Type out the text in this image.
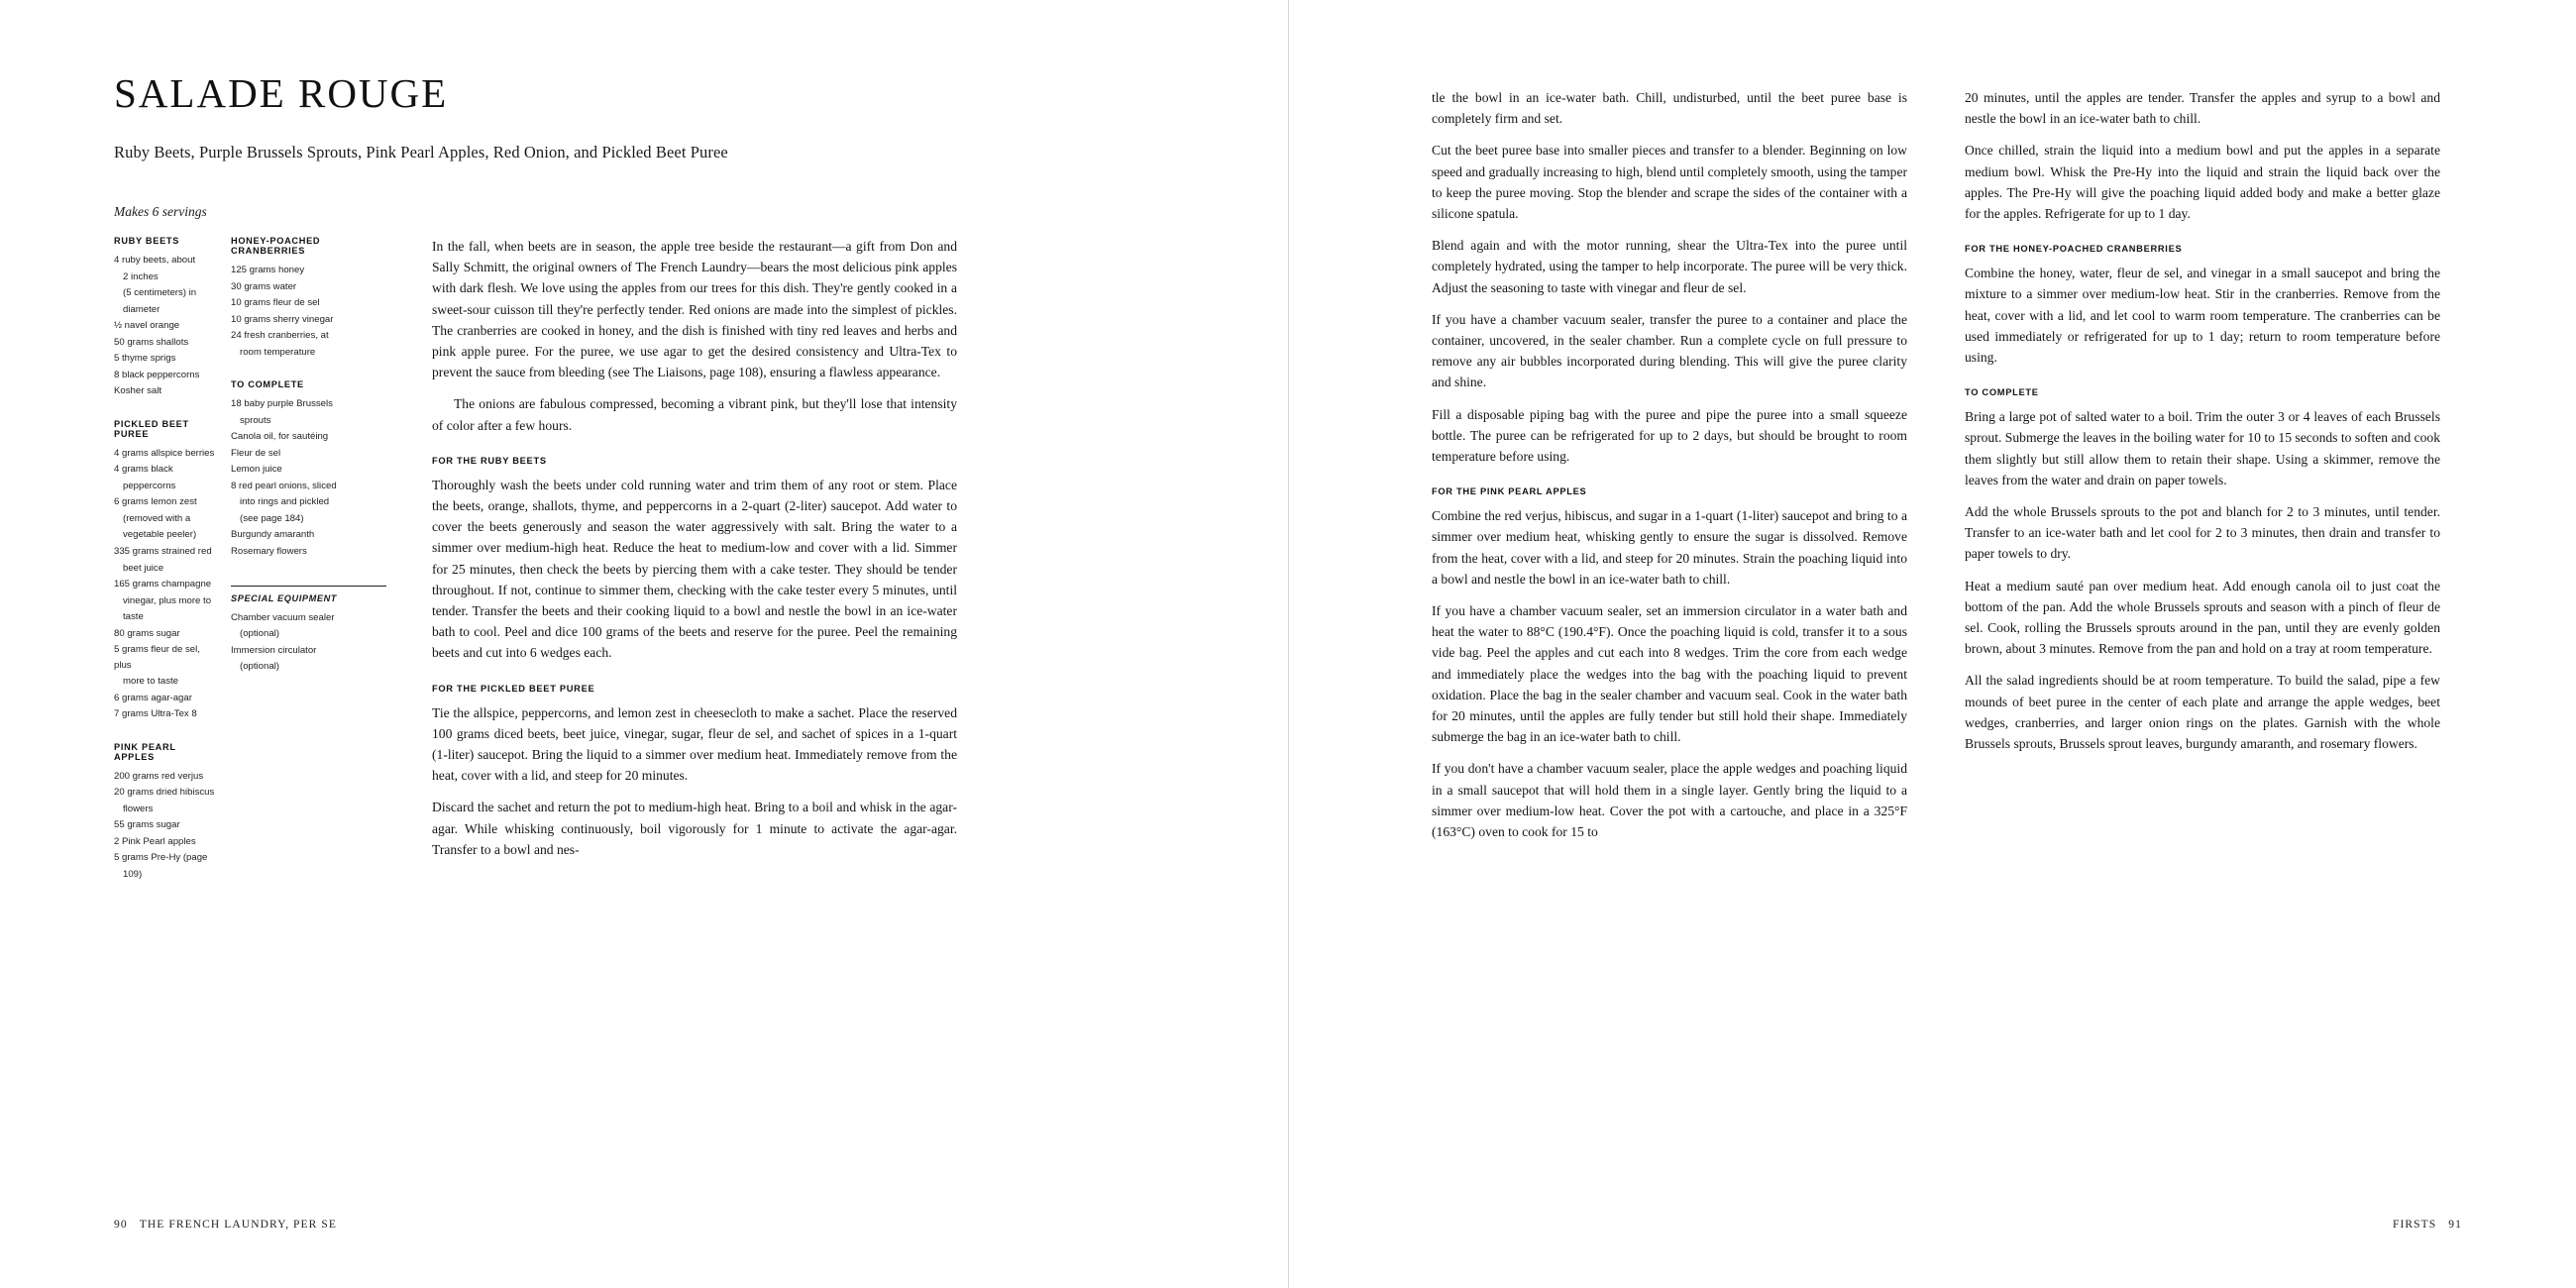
SALADE ROUGE

Ruby Beets, Purple Brussels Sprouts, Pink Pearl Apples, Red Onion, and Pickled Beet Puree

Makes 6 servings

RUBY BEETS
4 ruby beets, about
2 inches
(5 centimeters) in
diameter
½ navel orange
50 grams shallots
5 thyme sprigs
8 black peppercorns
Kosher salt
PICKLED BEET PUREE
4 grams allspice berries
4 grams black
peppercorns
6 grams lemon zest
(removed with a
vegetable peeler)
335 grams strained red
beet juice
165 grams champagne
vinegar, plus more to
taste
80 grams sugar
5 grams fleur de sel, plus
more to taste
6 grams agar-agar
7 grams Ultra-Tex 8
PINK PEARL APPLES
200 grams red verjus
20 grams dried hibiscus
flowers
55 grams sugar
2 Pink Pearl apples
5 grams Pre-Hy (page
109)
HONEY-POACHED CRANBERRIES
125 grams honey
30 grams water
10 grams fleur de sel
10 grams sherry vinegar
24 fresh cranberries, at
room temperature
TO COMPLETE
18 baby purple Brussels
sprouts
Canola oil, for sautéing
Fleur de sel
Lemon juice
8 red pearl onions, sliced
into rings and pickled
(see page 184)
Burgundy amaranth
Rosemary flowers
SPECIAL EQUIPMENT
Chamber vacuum sealer
(optional)
Immersion circulator
(optional)

In the fall, when beets are in season, the apple tree beside the restaurant—a gift from Don and Sally Schmitt, the original owners of The French Laundry—bears the most delicious pink apples with dark flesh. We love using the apples from our trees for this dish. They're gently cooked in a sweet-sour cuisson till they're perfectly tender. Red onions are made into the simplest of pickles. The cranberries are cooked in honey, and the dish is finished with tiny red leaves and herbs and pink apple puree. For the puree, we use agar to get the desired consistency and Ultra-Tex to prevent the sauce from bleeding (see The Liaisons, page 108), ensuring a flawless appearance.

The onions are fabulous compressed, becoming a vibrant pink, but they'll lose that intensity of color after a few hours.

FOR THE RUBY BEETS

Thoroughly wash the beets under cold running water and trim them of any root or stem. Place the beets, orange, shallots, thyme, and peppercorns in a 2-quart (2-liter) saucepot. Add water to cover the beets generously and season the water aggressively with salt. Bring the water to a simmer over medium-high heat. Reduce the heat to medium-low and cover with a lid. Simmer for 25 minutes, then check the beets by piercing them with a cake tester. They should be tender throughout. If not, continue to simmer them, checking with the cake tester every 5 minutes, until tender. Transfer the beets and their cooking liquid to a bowl and nestle the bowl in an ice-water bath to cool. Peel and dice 100 grams of the beets and reserve for the puree. Peel the remaining beets and cut into 6 wedges each.

FOR THE PICKLED BEET PUREE

Tie the allspice, peppercorns, and lemon zest in cheesecloth to make a sachet. Place the reserved 100 grams diced beets, beet juice, vinegar, sugar, fleur de sel, and sachet of spices in a 1-quart (1-liter) saucepot. Bring the liquid to a simmer over medium heat. Immediately remove from the heat, cover with a lid, and steep for 20 minutes.

Discard the sachet and return the pot to medium-high heat. Bring to a boil and whisk in the agar-agar. While whisking continuously, boil vigorously for 1 minute to activate the agar-agar. Transfer to a bowl and nes-

90 THE FRENCH LAUNDRY, PER SE

tle the bowl in an ice-water bath. Chill, undisturbed, until the beet puree base is completely firm and set.

Cut the beet puree base into smaller pieces and transfer to a blender. Beginning on low speed and gradually increasing to high, blend until completely smooth, using the tamper to keep the puree moving. Stop the blender and scrape the sides of the container with a silicone spatula.

Blend again and with the motor running, shear the Ultra-Tex into the puree until completely hydrated, using the tamper to help incorporate. The puree will be very thick. Adjust the seasoning to taste with vinegar and fleur de sel.

If you have a chamber vacuum sealer, transfer the puree to a container and place the container, uncovered, in the sealer chamber. Run a complete cycle on full pressure to remove any air bubbles incorporated during blending. This will give the puree clarity and shine.

Fill a disposable piping bag with the puree and pipe the puree into a small squeeze bottle. The puree can be refrigerated for up to 2 days, but should be brought to room temperature before using.

FOR THE PINK PEARL APPLES

Combine the red verjus, hibiscus, and sugar in a 1-quart (1-liter) saucepot and bring to a simmer over medium heat, whisking gently to ensure the sugar is dissolved. Remove from the heat, cover with a lid, and steep for 20 minutes. Strain the poaching liquid into a bowl and nestle the bowl in an ice-water bath to chill.

If you have a chamber vacuum sealer, set an immersion circulator in a water bath and heat the water to 88°C (190.4°F). Once the poaching liquid is cold, transfer it to a sous vide bag. Peel the apples and cut each into 8 wedges. Trim the core from each wedge and immediately place the wedges into the bag with the poaching liquid to prevent oxidation. Place the bag in the sealer chamber and vacuum seal. Cook in the water bath for 20 minutes, until the apples are fully tender but still hold their shape. Immediately submerge the bag in an ice-water bath to chill.

If you don't have a chamber vacuum sealer, place the apple wedges and poaching liquid in a small saucepot that will hold them in a single layer. Gently bring the liquid to a simmer over medium-low heat. Cover the pot with a cartouche, and place in a 325°F (163°C) oven to cook for 15 to

20 minutes, until the apples are tender. Transfer the apples and syrup to a bowl and nestle the bowl in an ice-water bath to chill.

Once chilled, strain the liquid into a medium bowl and put the apples in a separate medium bowl. Whisk the Pre-Hy into the liquid and strain the liquid back over the apples. The Pre-Hy will give the poaching liquid added body and make a better glaze for the apples. Refrigerate for up to 1 day.

FOR THE HONEY-POACHED CRANBERRIES

Combine the honey, water, fleur de sel, and vinegar in a small saucepot and bring the mixture to a simmer over medium-low heat. Stir in the cranberries. Remove from the heat, cover with a lid, and let cool to warm room temperature. The cranberries can be used immediately or refrigerated for up to 1 day; return to room temperature before using.

TO COMPLETE

Bring a large pot of salted water to a boil. Trim the outer 3 or 4 leaves of each Brussels sprout. Submerge the leaves in the boiling water for 10 to 15 seconds to soften and cook them slightly but still allow them to retain their shape. Using a skimmer, remove the leaves from the water and drain on paper towels.

Add the whole Brussels sprouts to the pot and blanch for 2 to 3 minutes, until tender. Transfer to an ice-water bath and let cool for 2 to 3 minutes, then drain and transfer to paper towels to dry.

Heat a medium sauté pan over medium heat. Add enough canola oil to just coat the bottom of the pan. Add the whole Brussels sprouts and season with a pinch of fleur de sel. Cook, rolling the Brussels sprouts around in the pan, until they are evenly golden brown, about 3 minutes. Remove from the pan and hold on a tray at room temperature.

All the salad ingredients should be at room temperature. To build the salad, pipe a few mounds of beet puree in the center of each plate and arrange the apple wedges, beet wedges, cranberries, and larger onion rings on the plates. Garnish with the whole Brussels sprouts, Brussels sprout leaves, burgundy amaranth, and rosemary flowers.

FIRSTS 91
